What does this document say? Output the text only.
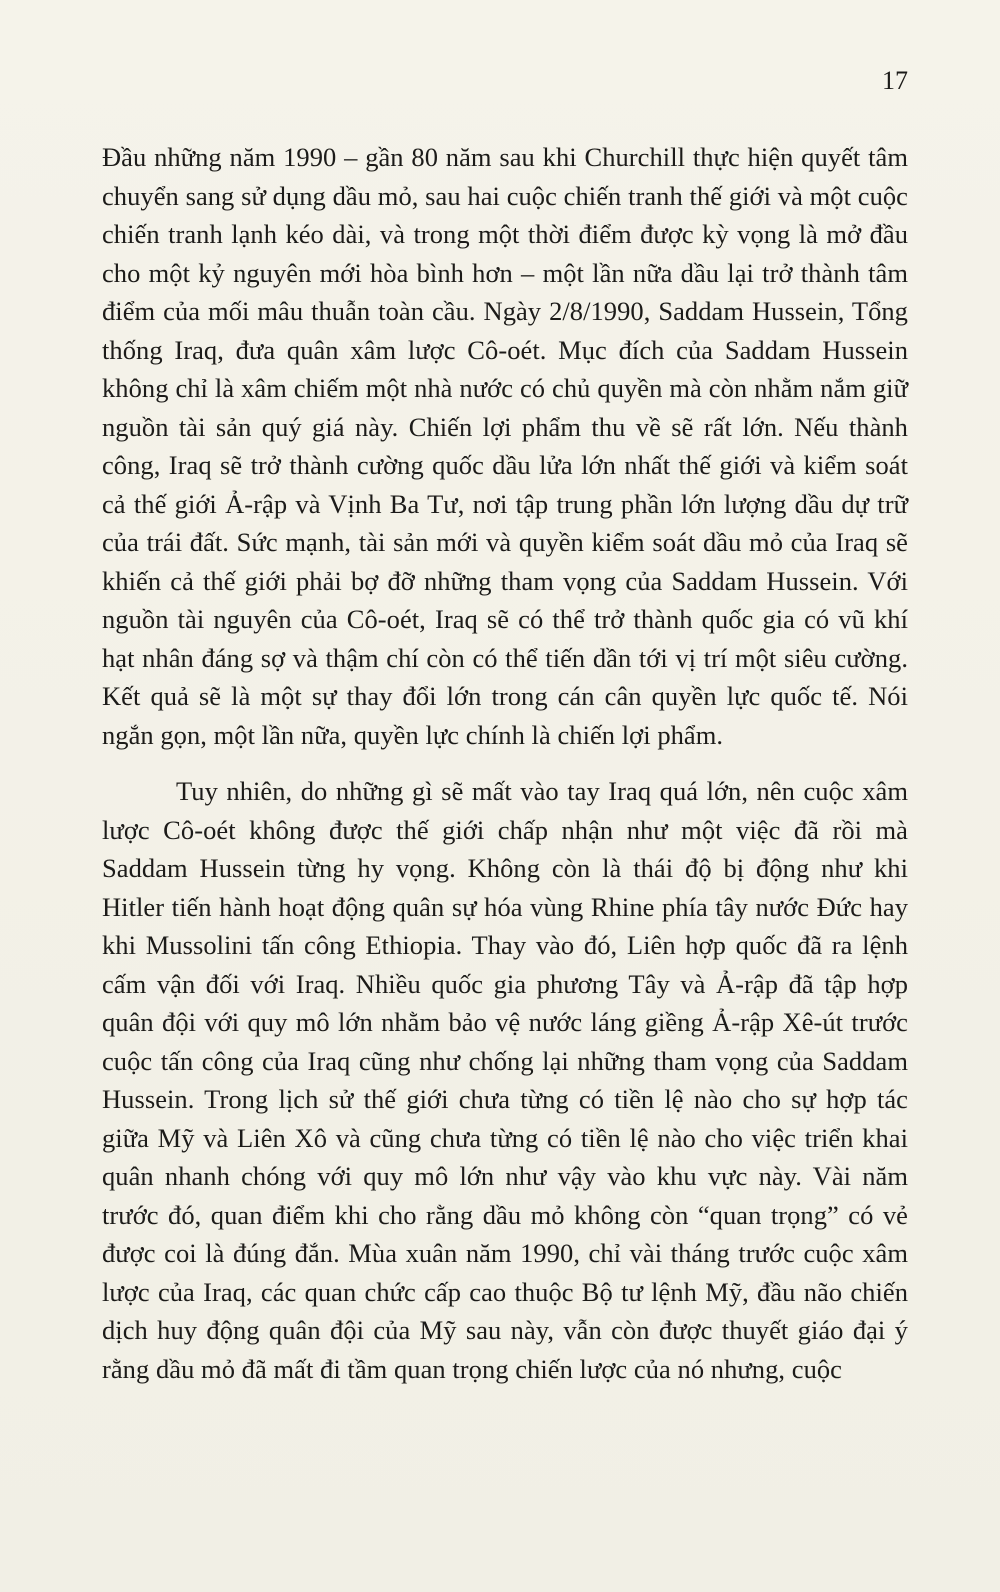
17

Đầu những năm 1990 – gần 80 năm sau khi Churchill thực hiện quyết tâm chuyển sang sử dụng dầu mỏ, sau hai cuộc chiến tranh thế giới và một cuộc chiến tranh lạnh kéo dài, và trong một thời điểm được kỳ vọng là mở đầu cho một kỷ nguyên mới hòa bình hơn – một lần nữa dầu lại trở thành tâm điểm của mối mâu thuẫn toàn cầu. Ngày 2/8/1990, Saddam Hussein, Tổng thống Iraq, đưa quân xâm lược Cô-oét. Mục đích của Saddam Hussein không chỉ là xâm chiếm một nhà nước có chủ quyền mà còn nhằm nắm giữ nguồn tài sản quý giá này. Chiến lợi phẩm thu về sẽ rất lớn. Nếu thành công, Iraq sẽ trở thành cường quốc dầu lửa lớn nhất thế giới và kiểm soát cả thế giới Ả-rập và Vịnh Ba Tư, nơi tập trung phần lớn lượng dầu dự trữ của trái đất. Sức mạnh, tài sản mới và quyền kiểm soát dầu mỏ của Iraq sẽ khiến cả thế giới phải bợ đỡ những tham vọng của Saddam Hussein. Với nguồn tài nguyên của Cô-oét, Iraq sẽ có thể trở thành quốc gia có vũ khí hạt nhân đáng sợ và thậm chí còn có thể tiến dần tới vị trí một siêu cường. Kết quả sẽ là một sự thay đổi lớn trong cán cân quyền lực quốc tế. Nói ngắn gọn, một lần nữa, quyền lực chính là chiến lợi phẩm.

Tuy nhiên, do những gì sẽ mất vào tay Iraq quá lớn, nên cuộc xâm lược Cô-oét không được thế giới chấp nhận như một việc đã rồi mà Saddam Hussein từng hy vọng. Không còn là thái độ bị động như khi Hitler tiến hành hoạt động quân sự hóa vùng Rhine phía tây nước Đức hay khi Mussolini tấn công Ethiopia. Thay vào đó, Liên hợp quốc đã ra lệnh cấm vận đối với Iraq. Nhiều quốc gia phương Tây và Ả-rập đã tập hợp quân đội với quy mô lớn nhằm bảo vệ nước láng giềng Ả-rập Xê-út trước cuộc tấn công của Iraq cũng như chống lại những tham vọng của Saddam Hussein. Trong lịch sử thế giới chưa từng có tiền lệ nào cho sự hợp tác giữa Mỹ và Liên Xô và cũng chưa từng có tiền lệ nào cho việc triển khai quân nhanh chóng với quy mô lớn như vậy vào khu vực này. Vài năm trước đó, quan điểm khi cho rằng dầu mỏ không còn “quan trọng” có vẻ được coi là đúng đắn. Mùa xuân năm 1990, chỉ vài tháng trước cuộc xâm lược của Iraq, các quan chức cấp cao thuộc Bộ tư lệnh Mỹ, đầu não chiến dịch huy động quân đội của Mỹ sau này, vẫn còn được thuyết giáo đại ý rằng dầu mỏ đã mất đi tầm quan trọng chiến lược của nó nhưng, cuộc
